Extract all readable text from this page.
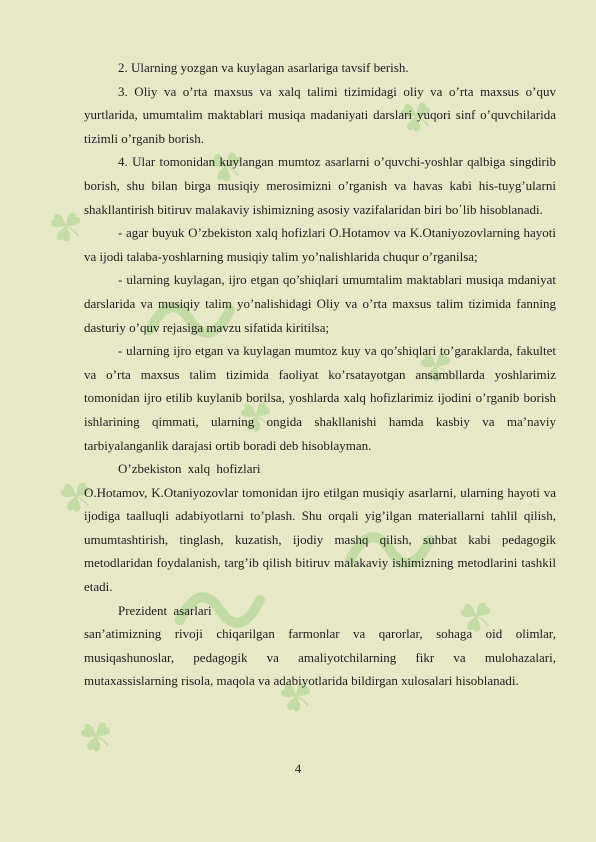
☘
☘
☘
☘
☘
☘
☘
☘
☘

2. Ularning yozgan va kuylagan asarlariga tavsif berish.

3. Oliy va o’rta maxsus va xalq talimi tizimidagi oliy va o’rta maxsus o’quv yurtlarida, umumtalim maktablari musiqa madaniyati darslari yuqori sinf o’quvchilarida tizimli o’rganib borish.

4. Ular tomonidan kuylangan mumtoz asarlarni o’quvchi-yoshlar qalbiga singdirib borish, shu bilan birga musiqiy merosimizni o’rganish va havas kabi his-tuyg’ularni shakllantirish bitiruv malakaviy ishimizning asosiy vazifalaridan biri bo΄lib hisoblanadi.

- agar buyuk O’zbekiston xalq hofizlari O.Hotamov va K.Otaniyozovlarning hayoti va ijodi talaba-yoshlarning musiqiy talim yo’nalishlarida chuqur o’rganilsa;

- ularning kuylagan, ijro etgan qo’shiqlari umumtalim maktablari musiqa mdaniyat darslarida va musiqiy talim yo’nalishidagi Oliy va o’rta maxsus talim tizimida fanning dasturiy o’quv rejasiga mavzu sifatida kiritilsa;

- ularning ijro etgan va kuylagan mumtoz kuy va qo’shiqlari to’garaklarda, fakultet va o’rta maxsus talim tizimida faoliyat ko’rsatayotgan ansambllarda yoshlarimiz tomonidan ijro etilib kuylanib borilsa, yoshlarda xalq hofizlarimiz ijodini o’rganib borish ishlarining qimmati, ularning ongida shakllanishi hamda kasbiy va ma’naviy tarbiyalanganlik darajasi ortib boradi deb hisoblayman.

O’zbekiston xalq hofizlari

O.Hotamov, K.Otaniyozovlar tomonidan ijro etilgan musiqiy asarlarni, ularning hayoti va ijodiga taalluqli adabiyotlarni to’plash. Shu orqali yig’ilgan materiallarni tahlil qilish, umumtashtirish, tinglash, kuzatish, ijodiy mashq qilish, suhbat kabi pedagogik metodlaridan foydalanish, targ’ib qilish bitiruv malakaviy ishimizning metodlarini tashkil etadi.

Prezident asarlari

san’atimizning rivoji chiqarilgan farmonlar va qarorlar, sohaga oid olimlar, musiqashunoslar, pedagogik va amaliyotchilarning fikr va mulohazalari, mutaxassislarning risola, maqola va adabiyotlarida bildirgan xulosalari hisoblanadi.

4
